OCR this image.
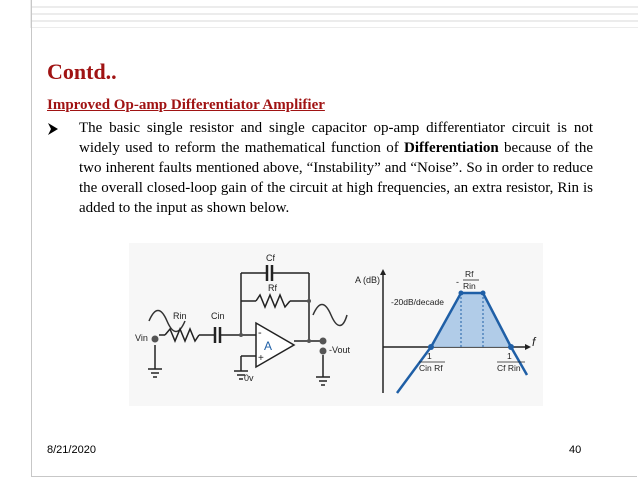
Contd..
Improved Op-amp Differentiator Amplifier
The basic single resistor and single capacitor op-amp differentiator circuit is not widely used to reform the mathematical function of Differentiation because of the two inherent faults mentioned above, “Instability” and “Noise”. So in order to reduce the overall closed-loop gain of the circuit at high frequencies, an extra resistor, Rin is added to the input as shown below.
Cf
Rf
Rin	Cin
Vin
-Vout
A
-
+
0v
A (dB)
-20dB/decade
Rf
Rin
-
1
Cin Rf
1
Cf Rin
f
8/21/2020	40
